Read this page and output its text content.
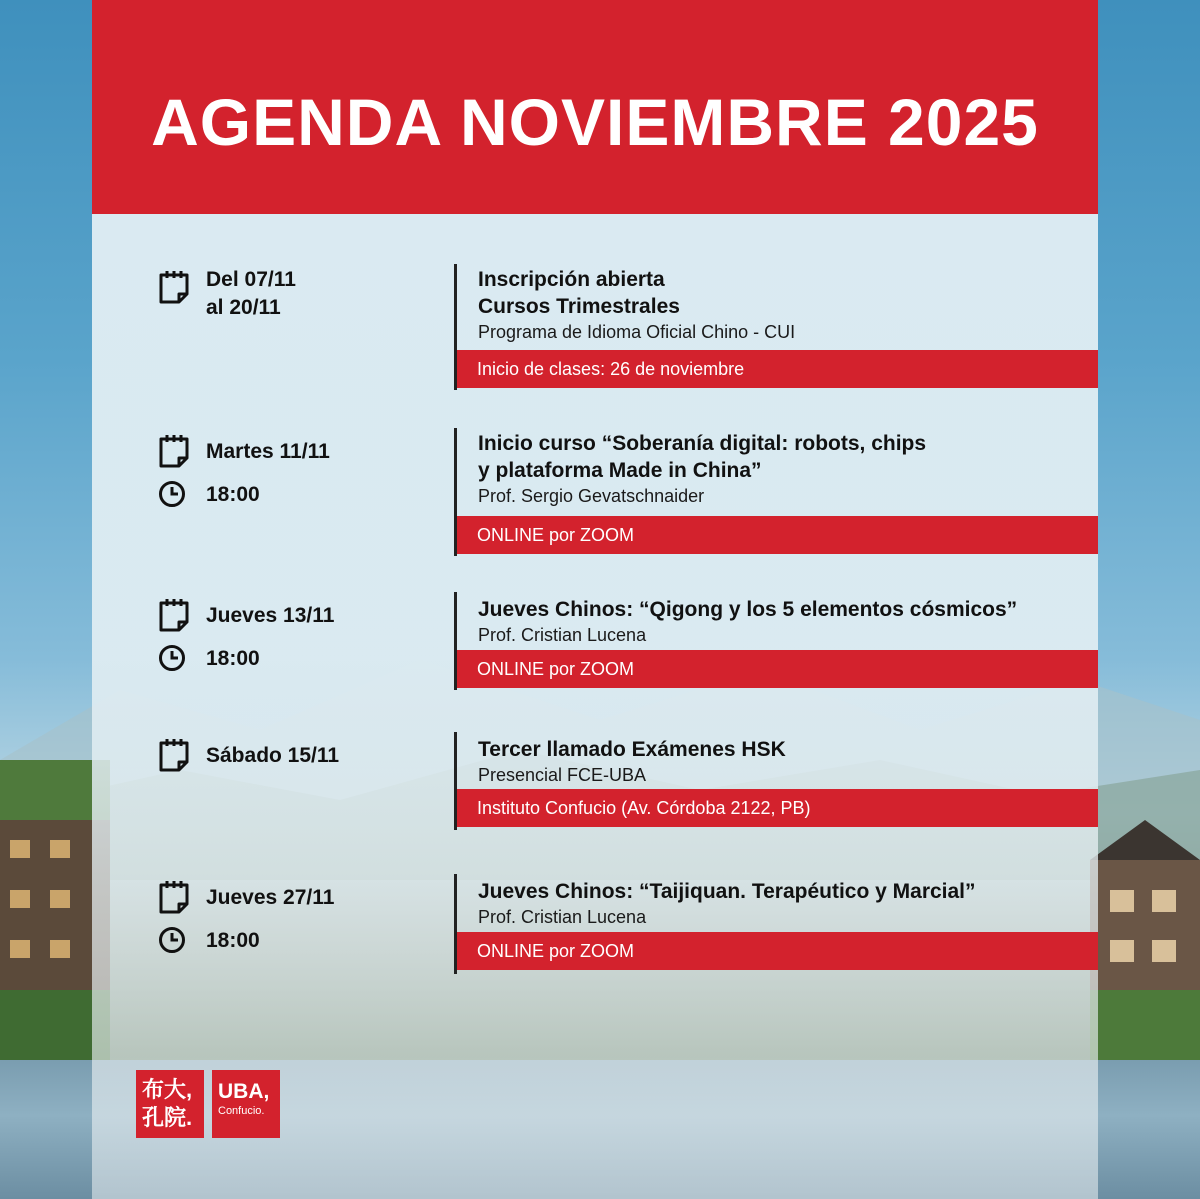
AGENDA NOVIEMBRE 2025
Del 07/11
al 20/11
Inscripción abierta
Cursos Trimestrales
Programa de Idioma Oficial Chino - CUI
Inicio de clases: 26 de noviembre
Martes 11/11
18:00
Inicio curso “Soberanía digital: robots, chips
y plataforma Made in China”
Prof. Sergio Gevatschnaider
ONLINE por ZOOM
Jueves 13/11
18:00
Jueves Chinos: “Qigong y los 5 elementos cósmicos”
Prof. Cristian Lucena
ONLINE por ZOOM
Sábado 15/11	Tercer llamado Exámenes HSK
Presencial FCE-UBA
Instituto Confucio (Av. Córdoba 2122, PB)
Jueves 27/11
18:00
Jueves Chinos: “Taijiquan. Terapéutico y Marcial”
Prof. Cristian Lucena
ONLINE por ZOOM
布大,
孔院.
UBA,
Confucio.
